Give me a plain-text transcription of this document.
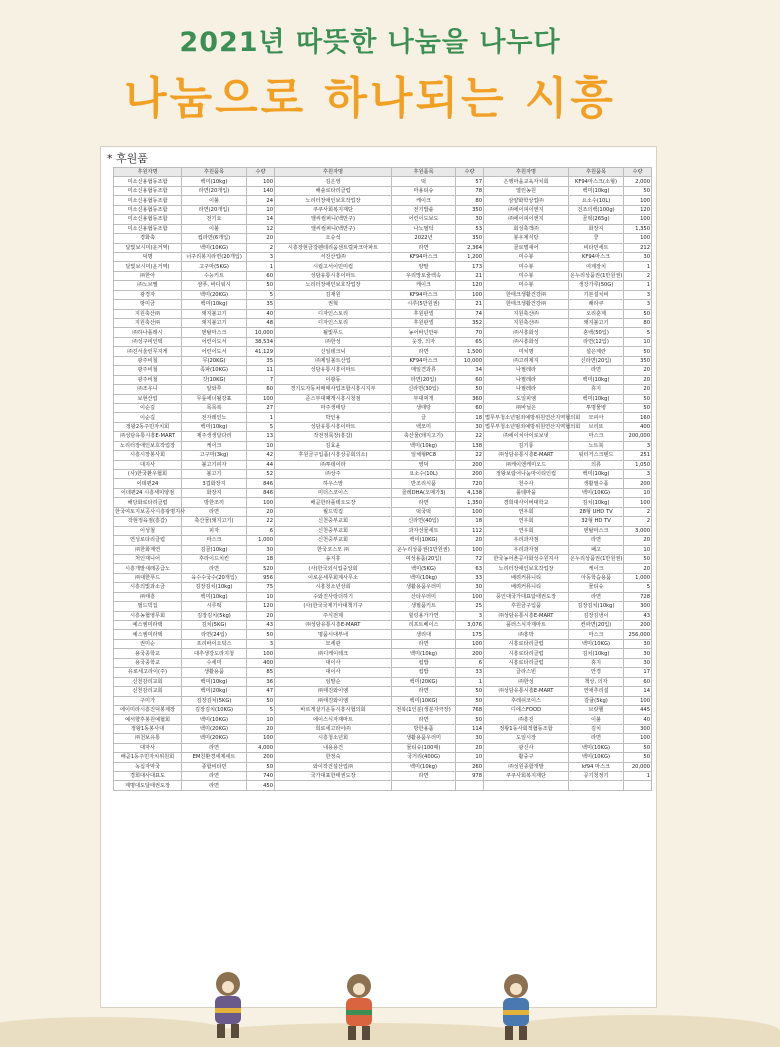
2021년 따뜻한 나눔을 나누다
나눔으로 하나되는 시흥
* 후원품
후원자명	후원품목	수량	후원자명	후원품목	수량	후원자명	후원품목	수량
미소신용협동조합	백미(10kg)	100	김은영	떡	57	은행마을교육자치회	KF94마스크(소형)	2,000
미소신용협동조합	라면(20개입)	140	해솔로타리클럽	마용티슈	78	열린농원	백미(10kg)	50
미소신용협동조합	이불	24	노리터장애인보호작업장	케이크	80	삼양화학상업㈜	요소수(10L)	100
미소신용협동조합	라면(20개입)	10	쿠쿠사회복지재단	전기밥솥	350	㈜에이피이엔지	건조의백(100g)	120
미소신용협동조합	전기요	14	앨씨컴퍼니(백만구)	어린이도보도	30	㈜에이피이엔지	골떡(265g)	100
미소신용협동조합	이불	12	앨씨컴퍼니(백만구)	나노필턱	53	회성축객㈜	화장지	1,350
경화축	컵라면(6개입)	20	오승석	2022년	350	봉우제식당	쿵	100
달빛보시미(운거역)	백미(10KG)	2	시흥장현금강펜테리움센트럴파크아파트	라면	2,364	골로벌새어	비타민세트	212
덕명	너구리봉지라면(20개입)	3	서진산업㈜	KF94마스크	1,200	미수봉	KF94마스크	30
달빛보시미(운거역)	고구마(5KG)	1	시립고서이민미컵	양말	173	미수봉	여제장치	1
㈜한아	수능키트	60	성담유통시흥이마트	우리망토줄렉속	21	미수봉	온누리상품권(1만원권)	2
㈜노브멜	샴푸, 바디워시	50	노리터장애인보호작업장	케이크	120	미수봉	생강가루(50G)	1
광경자	백미(20KG)	5	김재원	KF94마스크	100	한태크생활건강㈜	기본설치비	3
땅미금	백미(10kg)	35	권혁	시루(5만원권)	21	한태크생활건강㈜	쾌라쿠	3
지원축산㈜	돼지불고기	40	디자인스토리	후원판넬	74	지원축산㈜	오리훈제	50
지원축산㈜	돼지불고기	48	디자인스토리	후원판넬	352	지원축산㈜	돼지불고기	80
㈜하나플레시	덴탈마스크	10,000	될빛푸드	농어바넌만두	70	㈜시흥화성	혼백(50입)	5
㈜성구비인텍	어린이도서	38,534	㈜한성	웃장, 의자	65	㈜시흥화성	라면(12입)	10
㈜진서울런무지게	어린이도서	41,129	신일테크닉	라면	1,500	미치명	설은계란	50
광주비철	무(20KG)	35	㈜제일볼트산업	KF94마스크	10,000	㈜고려제지	신라면(20입)	350
광주비철	족파(10KG)	11	성담유통시흥이마트	매일견과류	34	나필레라	라면	20
광주비철	갓(10KG)	7	이광동	라면(20입)	60	나필레라	백미(10kg)	20
㈜조우니	알와쭈	60	경기도자동차매매사업조합시흥시지부	신라면(30입)	50	나필레라	휴지	20
보현산업	무릎에너될강표	100	준스부대째개시흥시청점	부대찌개	360	도일피엠	백미(10kg)	50
이순길	목목복	27	마주생태탕	생태탕	60	㈜바닐온	투명물병	50
이순길	전자레인노	1	박인용	글	18	법무부청소년범죄예방위원연산지역협의회	모피아	160
정왕2동주민자치회	백미(10kg)	5	성담유통시흥이마트	백모미	30	법무부청소년범죄예방위원연산지역협의회	브리또	400
㈜성담유통시흥E-MART	제주생생달다리	13	작전정묵장(흥갑)	축산물(돼지고기)	22	㈜에이치아이로보넷	마스크	200,000
노리터장애인보호작업장	케이크	10	김효윤	백미(10kg)	138	김기룡	노트북	3
시흥시장봉사회	고구마(3kg)	42	후원금구입품(시흥상공회의소)	일체형PC8	22	㈜성담유통시흥E-MART	워터거스크텐드	251
대지사	불고기피자	44	㈜투데이라	영덕	200	㈜케이엔케미오드	의류	1,050
(사)한국환우협회	볼고기	52	㈜상주	요소수(10L)	200	정왕보람어나눔마이티인컵	백미(10kg)	3
이데편24	3겹화장지	846	하우스맘	반조리식품	720	천수사	생활필수품	200
이데편24 시흥세미양점	화장지	846	미더스코이스	골레DHA(오메가3)	4,138	룰테마을	백미(10KG)	10
해당화로타리클럽	방한조끼	100	배곧한라플테오도장	라면	1,350	경희대사이버대학교	김치(10kg)	100
한국여토지보공사시흥광명지사	라면	20	월드빅집	떡국떡	100	연우회	28형 UHD TV	2
작현정육점(흥갑)	축산물(돼지고기)	22	신천중부교회	신라면(40입)	18	연우회	32형 HD TV	2
이성철	피자	6	신천중부교회	과자선물세트	112	연우회	덴탈마스크	3,000
연성로타리클럽	마스크	1,000	신천중부교회	백미(10KG)	20	우리과자점	라면	20
㈜한화계연	김골(10kg)	30	한국코스모 ㈜	온누리상품권(1만원권)	100	우리과자점	패고	10
처인재니어	후라이드치킨	18	송지휴	여성용품(20입)	72	한국농어촌공사화성수원지사	온누리상품권(1만원권)	50
시흥개발새래공급노	라면	520	(사)한국외식업중앙회	백미(5KG)	63	노리터장애인보호작업장	케이크	20
㈜대한푸드	육수수국수(20개입)	956	이로운세무회계사무소	백미(10kg)	33	배려커뮤니티	아동학습용품	1,000
시흥의빛과소금	김장김치(10kg)	75	시흥청소년상회	생활용품우러미	30	배려커뮤니티	물티슈	5
㈜태흥	백미(10kg)	10	수와진사랑더하기	산타우러미	100	풍인대국가대표탐태권도장	라면	728
필드빅집	시루떡	120	(사)한국국제기아대책기구	생필품키트	25	후원금구입품	김장김치(10kg)	300
시흥농협영무회	김장김치(5kg)	20	주식전제	힐링용가가연	3	㈜성담유통시흥E-MART	김장김냉이	43
예스엠미라택	김치(5KG)	43	㈜성담유통시흥E-MART	리프트베이스	3,076	플러스식자재마트	컨파면(20입)	200
예스엠미라택	라면(24입)	50	명품시대부네	생리대	175	㈜흥박	마스크	256,000
권미순	프리바이오틱스	3	모세관	라면	100	시흥로타리클럽	백미(10KG)	30
용국종학교	대추생강도라지청	100	㈜디케이테크	백미(10kg)	200	시흥로타리클럽	김치(10kg)	30
용국종학교	수세미	400	대이사	컵밥	6	시흥로타리클럽	휴지	30
유로세고라이(주)	생활용품	85	대이사	컵밥	33	글라스빈	안경	17
신천감리교회	백미(10kg)	36	임말순	백미(20KG)	1	㈜한성	책상, 의자	60
신천감리교회	백미(20kg)	47	㈜태진와이엠	라면	50	㈜성담유통시흥E-MART	연애추리설	14
구미가	김장김치(5KG)	50	㈜태진와이엠	백미(10KG)	50	후레쉬코이스	감귤(5kg)	100
에이미라시흥진덕봉제장	김장김치(10KG)	5	바르게살기운동시흥시협의회	전복(1인분(생분자극장)	768	디에스FOOD	브랏헬	445
예서향후봉원예협회	백미(10KG)	10	에이스식자재마트	라면	50	㈜흥진	이불	40
정왕1동봉사대	백미(20KG)	20	희로세고라이㈜	방한용품	114	정왕1동사회적협동조합	김치	300
㈜천보유통	백미(20KG)	100	시흥청소년회	생활용품우러미	30	도일시장	라면	100
대자사	라면	4,000	내용용건	물티슈(100매)	20	광신사	백미(10KG)	50
배곧1동주민자치위원회	EM친환경세제세트	200	한정숙	국거리(400G)	10	활중구	백미(10KG)	50
녹십자악국	종합비타민	50	와이작건설산업㈜	백미(10kg)	260	㈜성원종합개발	kf94 마스크	20,000
경희대사대표도	라면	740	국가대표한태권도장	라면	978	쿠쿠사회복지재단	공기청정기	1
계명대도달태권도장	라면	450						
